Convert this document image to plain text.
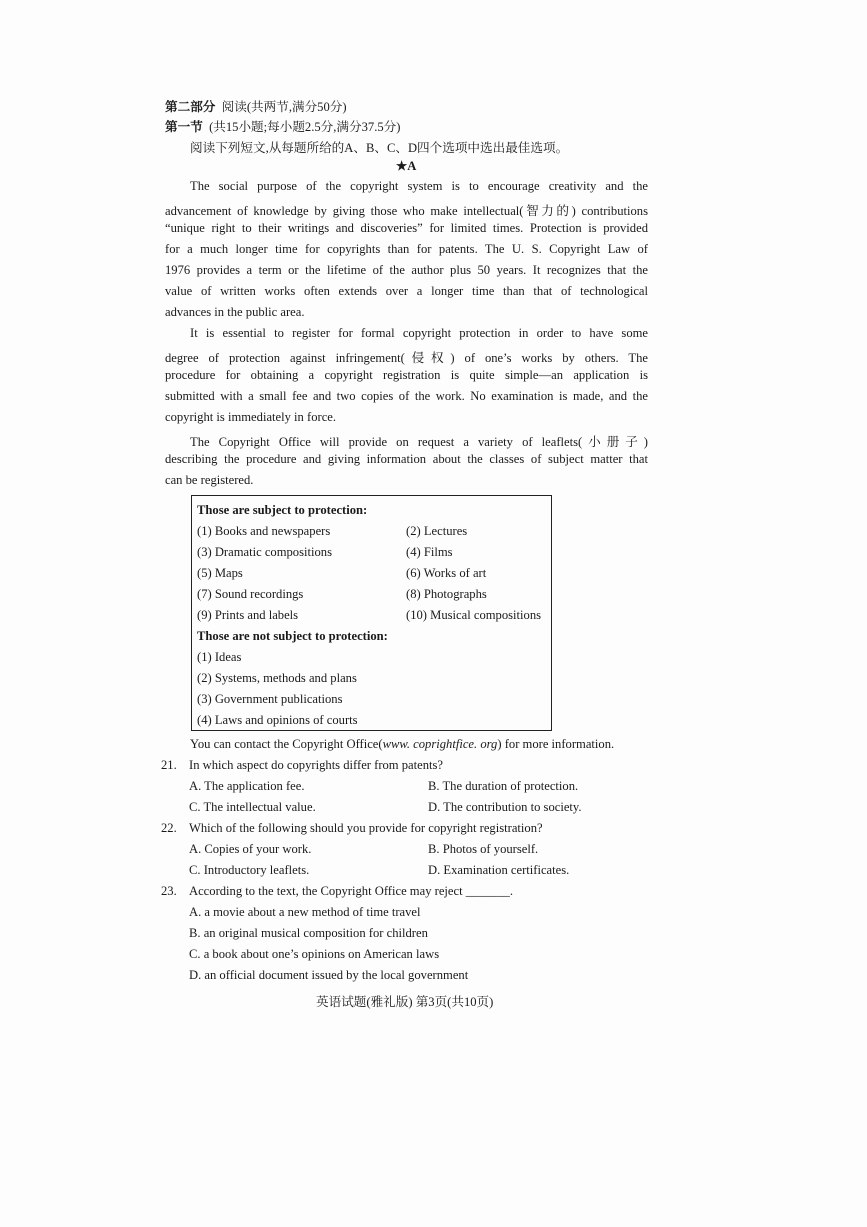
第二部分 阅读(共两节,满分50分)
第一节 (共15小题;每小题2.5分,满分37.5分)
阅读下列短文,从每题所给的A、B、C、D四个选项中选出最佳选项。
★A
The social purpose of the copyright system is to encourage creativity and the
advancement of knowledge by giving those who make intellectual(智力的) contributions
“unique right to their writings and discoveries” for limited times. Protection is provided
for a much longer time for copyrights than for patents. The U. S. Copyright Law of
1976 provides a term or the lifetime of the author plus 50 years. It recognizes that the
value of written works often extends over a longer time than that of technological
advances in the public area.
It is essential to register for formal copyright protection in order to have some
degree of protection against infringement(侵权) of one’s works by others. The
procedure for obtaining a copyright registration is quite simple—an application is
submitted with a small fee and two copies of the work. No examination is made, and the
copyright is immediately in force.
The Copyright Office will provide on request a variety of leaflets(小册子)
describing the procedure and giving information about the classes of subject matter that
can be registered.
Those are subject to protection:
(1) Books and newspapers	(2) Lectures
(3) Dramatic compositions	(4) Films
(5) Maps	(6) Works of art
(7) Sound recordings	(8) Photographs
(9) Prints and labels	(10) Musical compositions
Those are not subject to protection:
(1) Ideas
(2) Systems, methods and plans
(3) Government publications
(4) Laws and opinions of courts
You can contact the Copyright Office(www. coprightfice. org) for more information.
21. In which aspect do copyrights differ from patents?
A. The application fee.	B. The duration of protection.
C. The intellectual value.	D. The contribution to society.
22. Which of the following should you provide for copyright registration?
A. Copies of your work.	B. Photos of yourself.
C. Introductory leaflets.	D. Examination certificates.
23. According to the text, the Copyright Office may reject _______.
A. a movie about a new method of time travel
B. an original musical composition for children
C. a book about one’s opinions on American laws
D. an official document issued by the local government
英语试题(雅礼版) 第3页(共10页)
